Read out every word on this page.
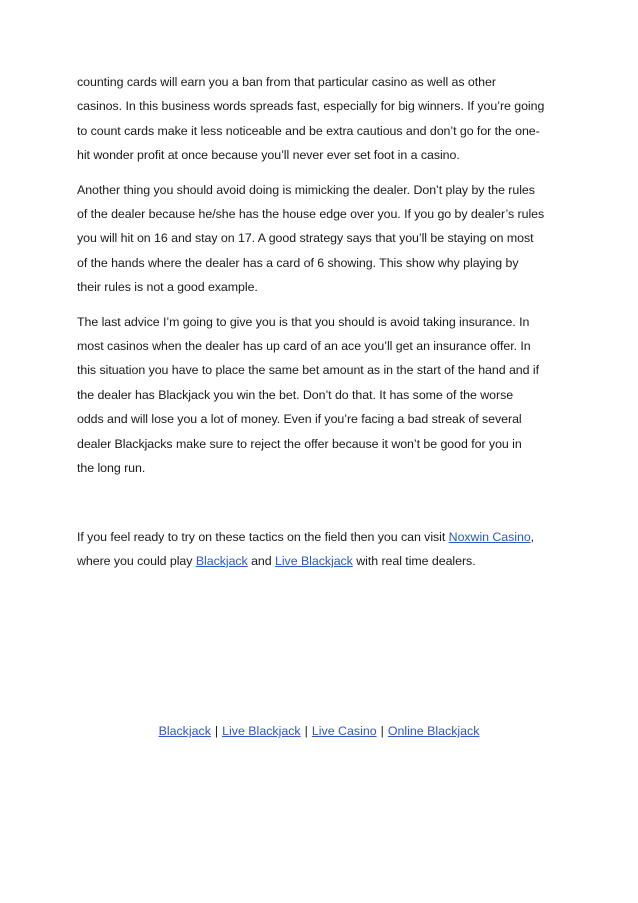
counting cards will earn you a ban from that particular casino as well as other
casinos. In this business words spreads fast, especially for big winners. If you’re going
to count cards make it less noticeable and be extra cautious and don’t go for the one-
hit wonder profit at once because you’ll never ever set foot in a casino.

Another thing you should avoid doing is mimicking the dealer. Don’t play by the rules
of the dealer because he/she has the house edge over you. If you go by dealer’s rules
you will hit on 16 and stay on 17. A good strategy says that you’ll be staying on most
of the hands where the dealer has a card of 6 showing. This show why playing by
their rules is not a good example.

The last advice I’m going to give you is that you should is avoid taking insurance. In
most casinos when the dealer has up card of an ace you’ll get an insurance offer. In
this situation you have to place the same bet amount as in the start of the hand and if
the dealer has Blackjack you win the bet. Don’t do that. It has some of the worse
odds and will lose you a lot of money. Even if you’re facing a bad streak of several
dealer Blackjacks make sure to reject the offer because it won’t be good for you in
the long run.

If you feel ready to try on these tactics on the field then you can visit Noxwin Casino,
where you could play Blackjack and Live Blackjack with real time dealers.

Blackjack | Live Blackjack | Live Casino | Online Blackjack
